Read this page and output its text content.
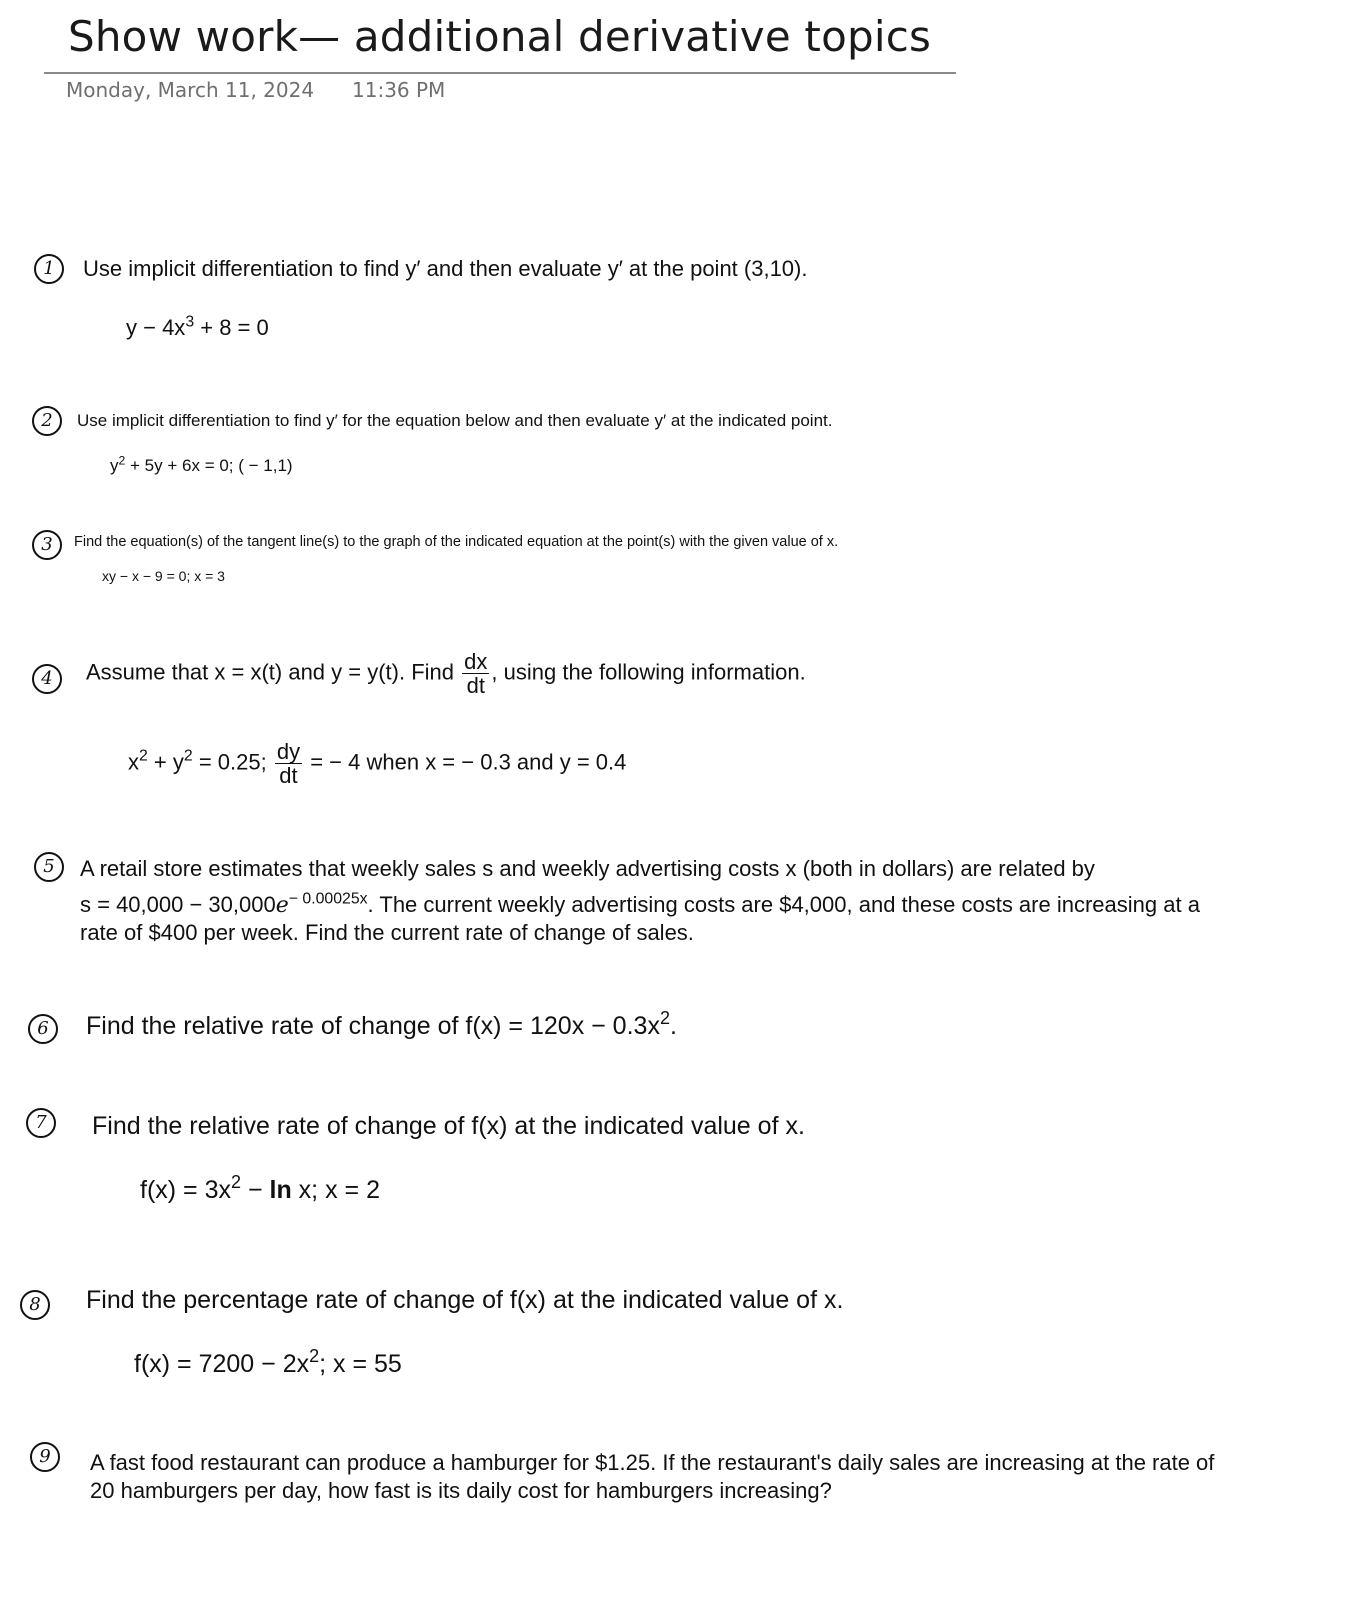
Show work— additional derivative topics
Monday, March 11, 2024 11:36 PM
1	Use implicit differentiation to find y′ and then evaluate y′ at the point (3,10).
$y - 4x^3 + 8 = 0$
2	Use implicit differentiation to find y′ for the equation below and then evaluate y′ at the indicated point.
$y^2 + 5y + 6x = 0$; ( − 1,1)
3	Find the equation(s) of the tangent line(s) to the graph of the indicated equation at the point(s) with the given value of x.
xy − x − 9 = 0; x = 3
4	Assume that x = x(t) and y = y(t). Find $\frac{dx}{dt}$ , using the following information.
$x^2 + y^2 = 0.25$; $\frac{dy}{dt}$ = − 4 when x = − 0.3 and y = 0.4
5	A retail store estimates that weekly sales s and weekly advertising costs x (both in dollars) are related by
$s = 40,000 - 30,000e^{- 0.00025x}$. The current weekly advertising costs are $4,000, and these costs are increasing at a
rate of $400 per week. Find the current rate of change of sales.
6	Find the relative rate of change of $f(x) = 120x - 0.3x^2$.
7	Find the relative rate of change of f(x) at the indicated value of x.
$f(x) = 3x^2 - \ln x$; x = 2
8	Find the percentage rate of change of f(x) at the indicated value of x.
$f(x) = 7200 - 2x^2$; x = 55
9	A fast food restaurant can produce a hamburger for $1.25. If the restaurant's daily sales are increasing at the rate of
20 hamburgers per day, how fast is its daily cost for hamburgers increasing?
